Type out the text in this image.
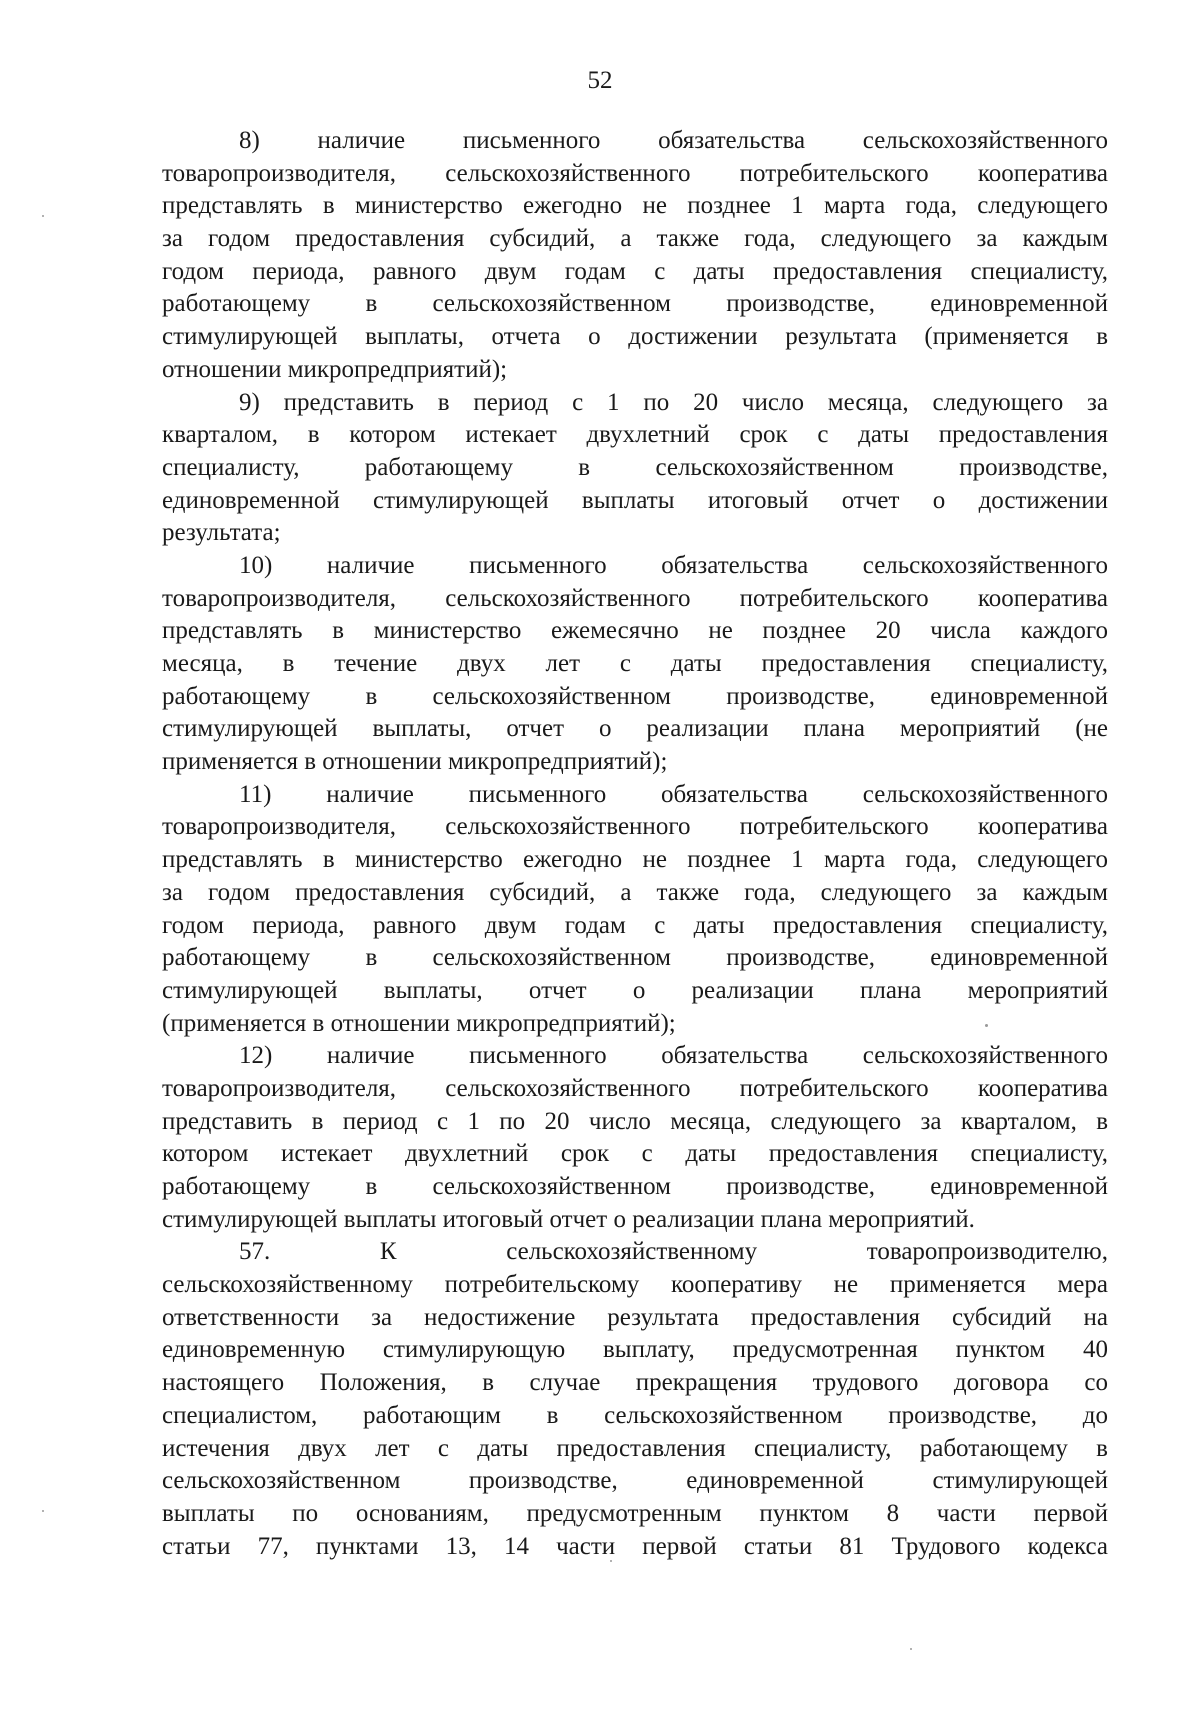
52
8) наличие письменного обязательства сельскохозяйственного
товаропроизводителя, сельскохозяйственного потребительского кооператива
представлять в министерство ежегодно не позднее 1 марта года, следующего
за годом предоставления субсидий, а также года, следующего за каждым
годом периода, равного двум годам с даты предоставления специалисту,
работающему в сельскохозяйственном производстве, единовременной
стимулирующей выплаты, отчета о достижении результата (применяется в
отношении микропредприятий);
9) представить в период с 1 по 20 число месяца, следующего за
кварталом, в котором истекает двухлетний срок с даты предоставления
специалисту, работающему в сельскохозяйственном производстве,
единовременной стимулирующей выплаты итоговый отчет о достижении
результата;
10) наличие письменного обязательства сельскохозяйственного
товаропроизводителя, сельскохозяйственного потребительского кооператива
представлять в министерство ежемесячно не позднее 20 числа каждого
месяца, в течение двух лет с даты предоставления специалисту,
работающему в сельскохозяйственном производстве, единовременной
стимулирующей выплаты, отчет о реализации плана мероприятий (не
применяется в отношении микропредприятий);
11) наличие письменного обязательства сельскохозяйственного
товаропроизводителя, сельскохозяйственного потребительского кооператива
представлять в министерство ежегодно не позднее 1 марта года, следующего
за годом предоставления субсидий, а также года, следующего за каждым
годом периода, равного двум годам с даты предоставления специалисту,
работающему в сельскохозяйственном производстве, единовременной
стимулирующей выплаты, отчет о реализации плана мероприятий
(применяется в отношении микропредприятий);
12) наличие письменного обязательства сельскохозяйственного
товаропроизводителя, сельскохозяйственного потребительского кооператива
представить в период с 1 по 20 число месяца, следующего за кварталом, в
котором истекает двухлетний срок с даты предоставления специалисту,
работающему в сельскохозяйственном производстве, единовременной
стимулирующей выплаты итоговый отчет о реализации плана мероприятий.
57. К сельскохозяйственному товаропроизводителю,
сельскохозяйственному потребительскому кооперативу не применяется мера
ответственности за недостижение результата предоставления субсидий на
единовременную стимулирующую выплату, предусмотренная пунктом 40
настоящего Положения, в случае прекращения трудового договора со
специалистом, работающим в сельскохозяйственном производстве, до
истечения двух лет с даты предоставления специалисту, работающему в
сельскохозяйственном производстве, единовременной стимулирующей
выплаты по основаниям, предусмотренным пунктом 8 части первой
статьи 77, пунктами 13, 14 части первой статьи 81 Трудового кодекса
